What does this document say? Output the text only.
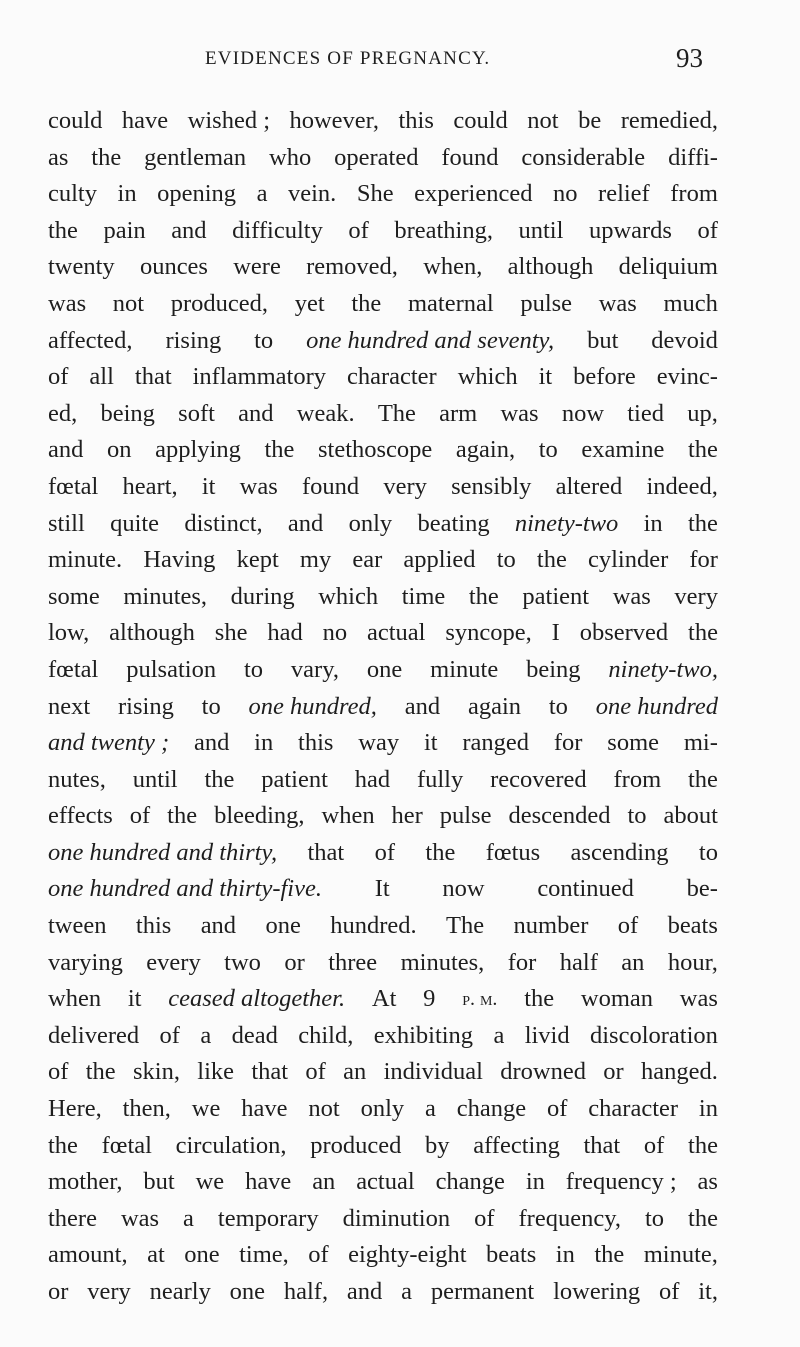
EVIDENCES OF PREGNANCY.	93
could have wished ; however, this could not be remedied,
as the gentleman who operated found considerable diffi-
culty in opening a vein. She experienced no relief from
the pain and difficulty of breathing, until upwards of
twenty ounces were removed, when, although deliquium
was not produced, yet the maternal pulse was much
affected, rising to one hundred and seventy, but devoid
of all that inflammatory character which it before evinc-
ed, being soft and weak. The arm was now tied up,
and on applying the stethoscope again, to examine the
fœtal heart, it was found very sensibly altered indeed,
still quite distinct, and only beating ninety-two in the
minute. Having kept my ear applied to the cylinder for
some minutes, during which time the patient was very
low, although she had no actual syncope, I observed the
fœtal pulsation to vary, one minute being ninety-two,
next rising to one hundred, and again to one hundred
and twenty ; and in this way it ranged for some mi-
nutes, until the patient had fully recovered from the
effects of the bleeding, when her pulse descended to about
one hundred and thirty, that of the fœtus ascending to
one hundred and thirty-five. It now continued be-
tween this and one hundred. The number of beats
varying every two or three minutes, for half an hour,
when it ceased altogether. At 9 p. m. the woman was
delivered of a dead child, exhibiting a livid discoloration
of the skin, like that of an individual drowned or hanged.
Here, then, we have not only a change of character in
the fœtal circulation, produced by affecting that of the
mother, but we have an actual change in frequency ; as
there was a temporary diminution of frequency, to the
amount, at one time, of eighty-eight beats in the minute,
or very nearly one half, and a permanent lowering of it,
